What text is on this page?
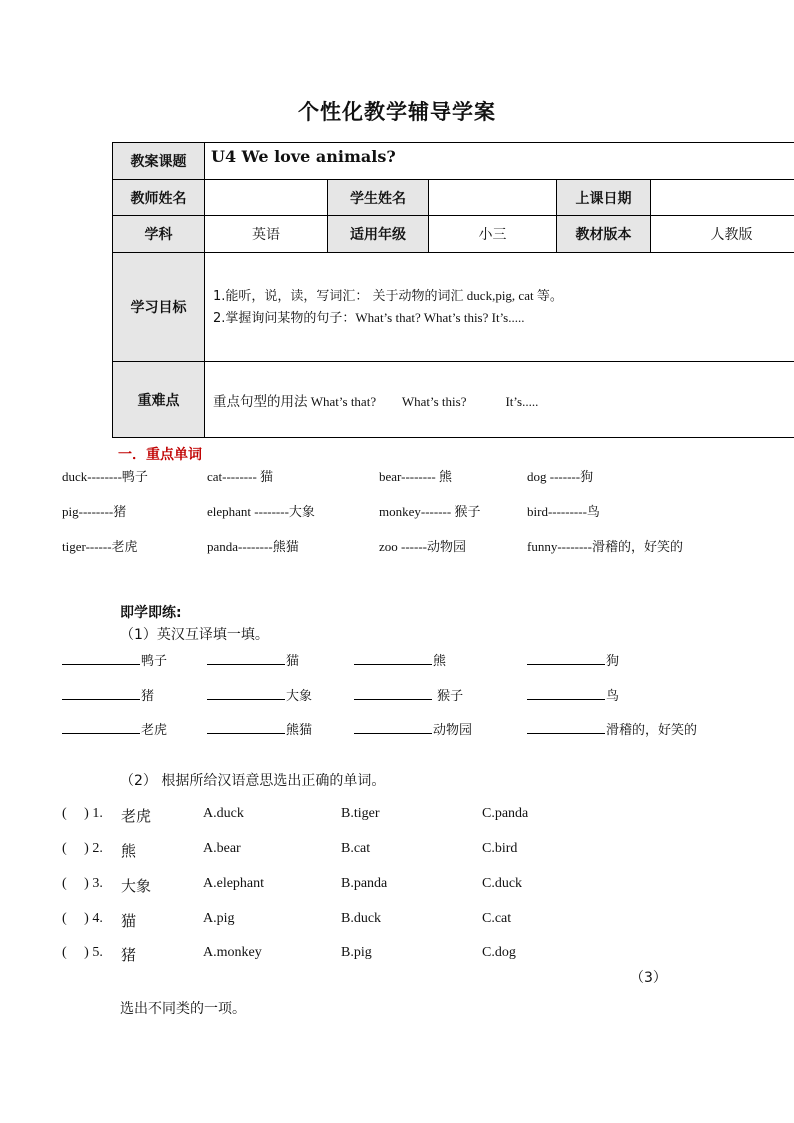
个性化教学辅导学案
教案课题	U4 We love animals?				
教师姓名		学生姓名		上课日期	
学科	英语	适用年级	小三	教材版本	人教版
学习目标	1.能听，说，读，写词汇： 关于动物的词汇 duck,pig, cat 等。
2.掌握询问某物的句子：What’s that? What’s this? It’s.....				

重难点	重点句型的用法 What’s that?        What’s this?            It’s.....				
一．重点单词
duck--------鸭子	cat-------- 猫	bear-------- 熊	dog -------狗
pig--------猪	elephant --------大象	monkey------- 猴子	bird---------鸟
tiger------老虎	panda--------熊猫	zoo ------动物园	funny--------滑稽的，好笑的
即学即练:
（1）英汉互译填一填。
鸭子	猫	熊	狗
猪	大象	猴子	鸟
老虎	熊猫	动物园	滑稽的，好笑的
（2） 根据所给汉语意思选出正确的单词。
(     ) 1. 老虎	A.duck	B.tiger	C.panda
(     ) 2. 熊	A.bear	B.cat	C.bird
(     ) 3. 大象	A.elephant	B.panda	C.duck
(     ) 4. 猫	A.pig	B.duck	C.cat
(     ) 5. 猪	A.monkey	B.pig	C.dog
（3）
选出不同类的一项。
